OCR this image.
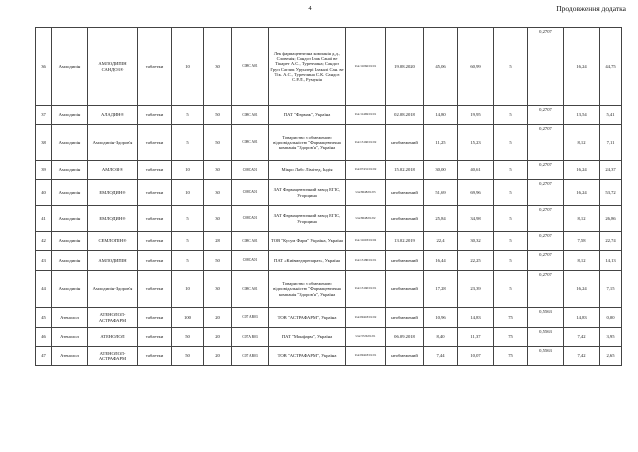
4	Продовження додатка
36	Амлодипін	АМЛОДИПІН САНДОЗ®	таблетки	10	30	C08C A01	Лек фармацевтична компанія д.д., Словенія; Сандоз Ілак Санаї ве Тікарет А.С., Туреччина; Сандоз Груп Саглик Урунлері Ілакалі Сан. ве Тік. А.С., Туреччина С.К. Сандоз С.Р.Л., Румунія	UA/11066/01/01	19.08.2020	45,06	60,99	5	0,2707	16,24	44,75
37	Амлодипін	АЛАДИН®	таблетки	5	50	C08C A01	ПАТ "Фармак", Україна	UA/11469/01/01	02.08.2018	14,80	19,95	5	0,2707	13,54	5,41
38	Амлодипін	Амлодипін-Здоров'я	таблетки	5	50	C08C A01	Товариство з обмеженою відповідальністю "Фармацевтична компанія "Здоров'я", Україна	UA/13160/01/02	необмежений	11,25	15,23	5	0,2707	8,12	7,11
39	Амлодипін	АМЛОЗІ®	таблетки	10	30	C08CA01	Мікро Лабс Лімітед, Індія	UA/07431/01/02	15.02.2018	30,00	40,61	5	0,2707	16,24	24,37
40	Амлодипін	ЕМЛОДИН®	таблетки	10	30	C08CA01	ЗАТ Фармацевтичний завод ЕГІС, Угорщина	UA/8048/01/03	необмежений	51,69	69,96	5	0,2707	16,24	53,72
41	Амлодипін	ЕМЛОДИН®	таблетки	5	30	C08CA01	ЗАТ Фармацевтичний завод ЕГІС, Угорщина	UA/8048/01/02	необмежений	25,84	34,98	5	0,2707	8,12	26,86
42	Амлодипін	СЕМЛОПІН®	таблетки	5	28	C08C A01	ТОВ "Кусум Фарм" Україна, Україна	UA/11603/01/02	13.02.2019	22,4	30,32	5	0,2707	7,58	22,74
43	Амлодипін	АМЛОДИПІН	таблетки	5	50	C08CA01	ПАТ «Київмедпрепарат», Україна	UA/13180/01/01	необмежений	16,44	22,25	5	0,2707	8,12	14,13
44	Амлодипін	Амлодипін-Здоров'я	таблетки	10	30	C08C A01	Товариство з обмеженою відповідальністю "Фармацевтична компанія "Здоров'я", Україна	UA/13160/01/01	необмежений	17,28	23,39	5	0,2707	16,24	7,15
45	Атенолол	АТЕНОЛОЛ-АСТРАФАРМ	таблетки	100	20	C07 AB03	ТОВ "АСТРАФАРМ", Україна	UA/09418/01/02	необмежений	10,96	14,83	75	0,5563	14,83	0,00
46	Атенолол	АТЕНОЛОЛ	таблетки	50	20	C07A B03	ПАТ "Монфарм", Україна	UA/3726/01/01	06.09.2018	8,40	11,37	75	0,5563	7,42	3,95
47	Атенолол	АТЕНОЛОЛ-АСТРАФАРМ	таблетки	50	20	C07 AB03	ТОВ "АСТРАФАРМ", Україна	UA/09418/01/01	необмежений	7,44	10,07	75	0,5563	7,42	2,65
